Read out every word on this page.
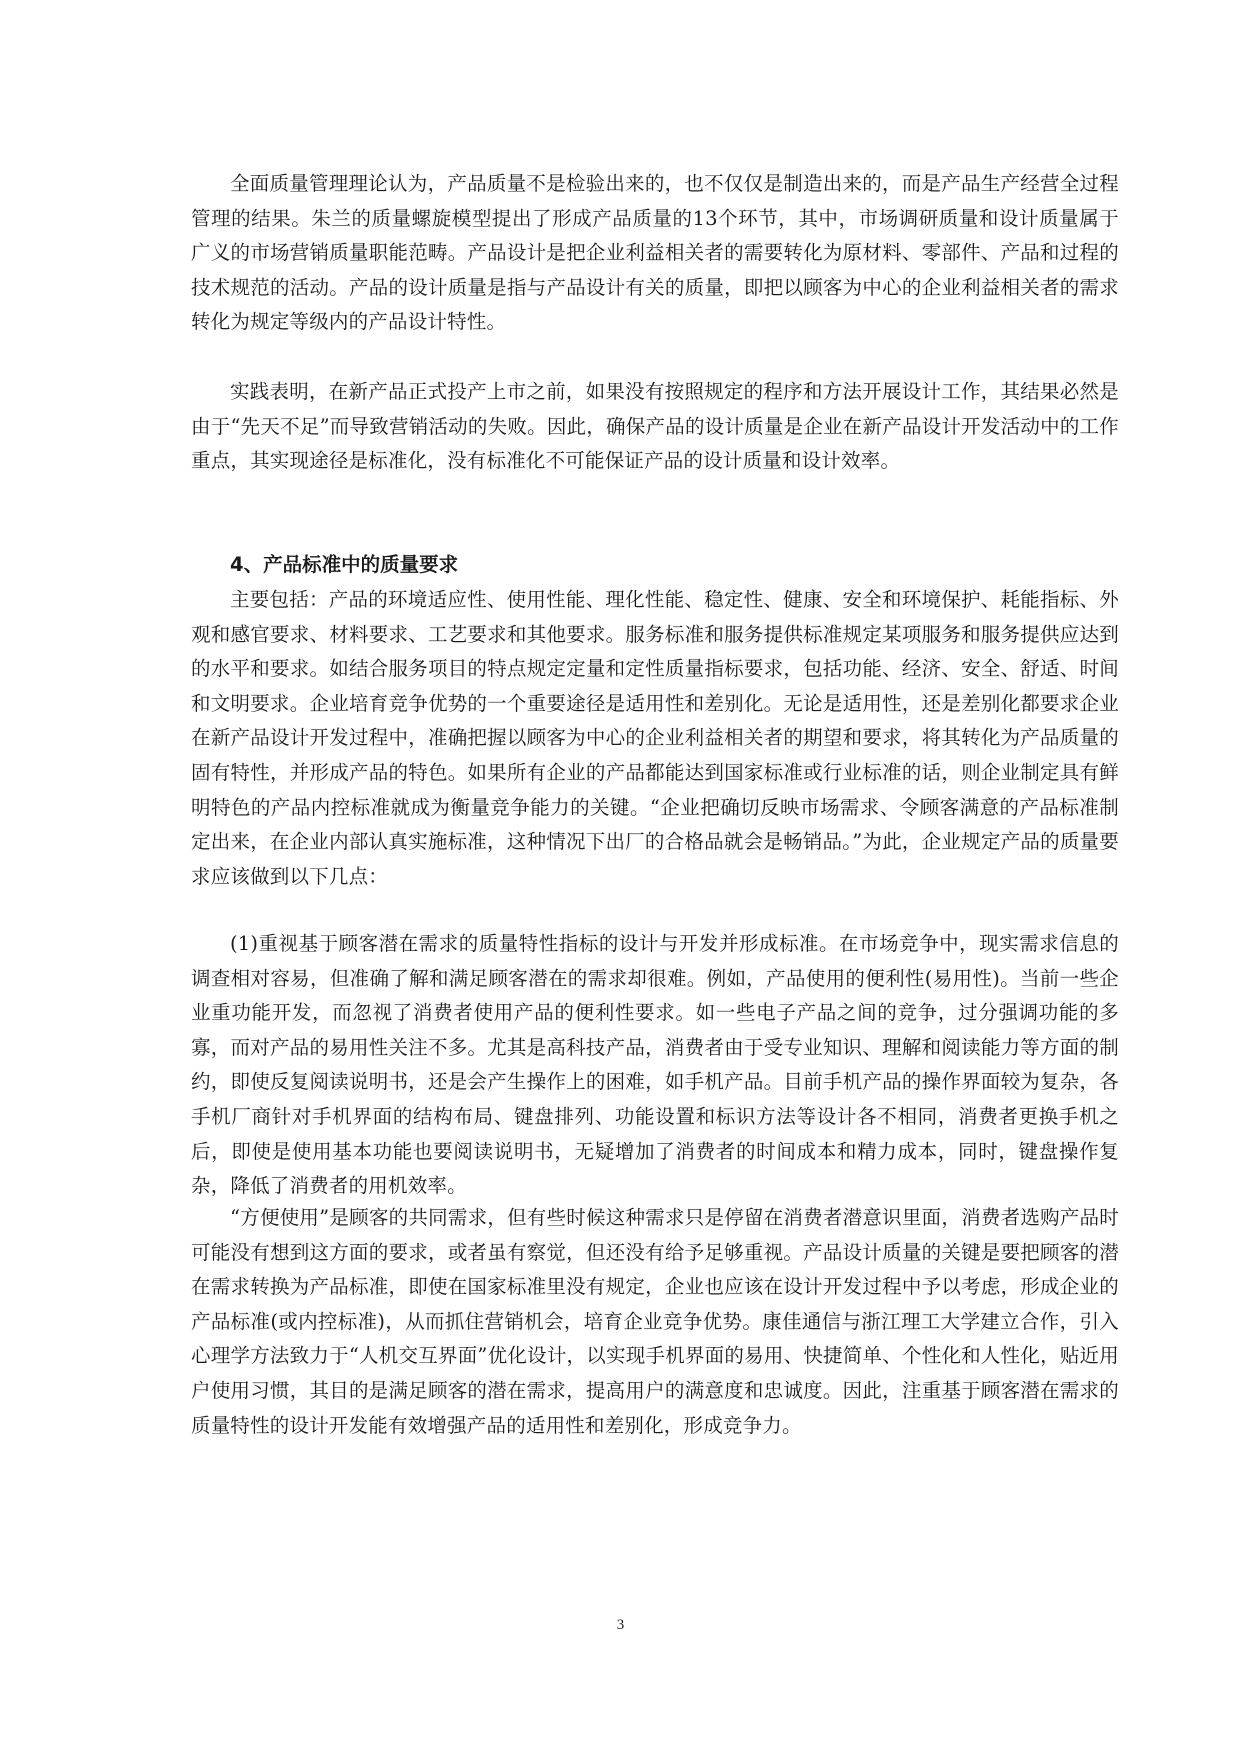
全面质量管理理论认为，产品质量不是检验出来的，也不仅仅是制造出来的，而是产品生产经营全过程管理的结果。朱兰的质量螺旋模型提出了形成产品质量的13个环节，其中，市场调研质量和设计质量属于广义的市场营销质量职能范畴。产品设计是把企业利益相关者的需要转化为原材料、零部件、产品和过程的技术规范的活动。产品的设计质量是指与产品设计有关的质量，即把以顾客为中心的企业利益相关者的需求转化为规定等级内的产品设计特性。

实践表明，在新产品正式投产上市之前，如果没有按照规定的程序和方法开展设计工作，其结果必然是由于“先天不足”而导致营销活动的失败。因此，确保产品的设计质量是企业在新产品设计开发活动中的工作重点，其实现途径是标准化，没有标准化不可能保证产品的设计质量和设计效率。

4、产品标准中的质量要求

主要包括：产品的环境适应性、使用性能、理化性能、稳定性、健康、安全和环境保护、耗能指标、外观和感官要求、材料要求、工艺要求和其他要求。服务标准和服务提供标准规定某项服务和服务提供应达到的水平和要求。如结合服务项目的特点规定定量和定性质量指标要求，包括功能、经济、安全、舒适、时间和文明要求。企业培育竞争优势的一个重要途径是适用性和差别化。无论是适用性，还是差别化都要求企业在新产品设计开发过程中，准确把握以顾客为中心的企业利益相关者的期望和要求，将其转化为产品质量的固有特性，并形成产品的特色。如果所有企业的产品都能达到国家标准或行业标准的话，则企业制定具有鲜明特色的产品内控标准就成为衡量竞争能力的关键。“企业把确切反映市场需求、令顾客满意的产品标准制定出来，在企业内部认真实施标准，这种情况下出厂的合格品就会是畅销品。”为此，企业规定产品的质量要求应该做到以下几点：

(1)重视基于顾客潜在需求的质量特性指标的设计与开发并形成标准。在市场竞争中，现实需求信息的调查相对容易，但准确了解和满足顾客潜在的需求却很难。例如，产品使用的便利性(易用性)。当前一些企业重功能开发，而忽视了消费者使用产品的便利性要求。如一些电子产品之间的竞争，过分强调功能的多寡，而对产品的易用性关注不多。尤其是高科技产品，消费者由于受专业知识、理解和阅读能力等方面的制约，即使反复阅读说明书，还是会产生操作上的困难，如手机产品。目前手机产品的操作界面较为复杂，各手机厂商针对手机界面的结构布局、键盘排列、功能设置和标识方法等设计各不相同，消费者更换手机之后，即使是使用基本功能也要阅读说明书，无疑增加了消费者的时间成本和精力成本，同时，键盘操作复杂，降低了消费者的用机效率。

“方便使用”是顾客的共同需求，但有些时候这种需求只是停留在消费者潜意识里面，消费者选购产品时可能没有想到这方面的要求，或者虽有察觉，但还没有给予足够重视。产品设计质量的关键是要把顾客的潜在需求转换为产品标准，即使在国家标准里没有规定，企业也应该在设计开发过程中予以考虑，形成企业的产品标准(或内控标准)，从而抓住营销机会，培育企业竞争优势。康佳通信与浙江理工大学建立合作，引入心理学方法致力于“人机交互界面”优化设计，以实现手机界面的易用、快捷简单、个性化和人性化，贴近用户使用习惯，其目的是满足顾客的潜在需求，提高用户的满意度和忠诚度。因此，注重基于顾客潜在需求的质量特性的设计开发能有效增强产品的适用性和差别化，形成竞争力。

3
